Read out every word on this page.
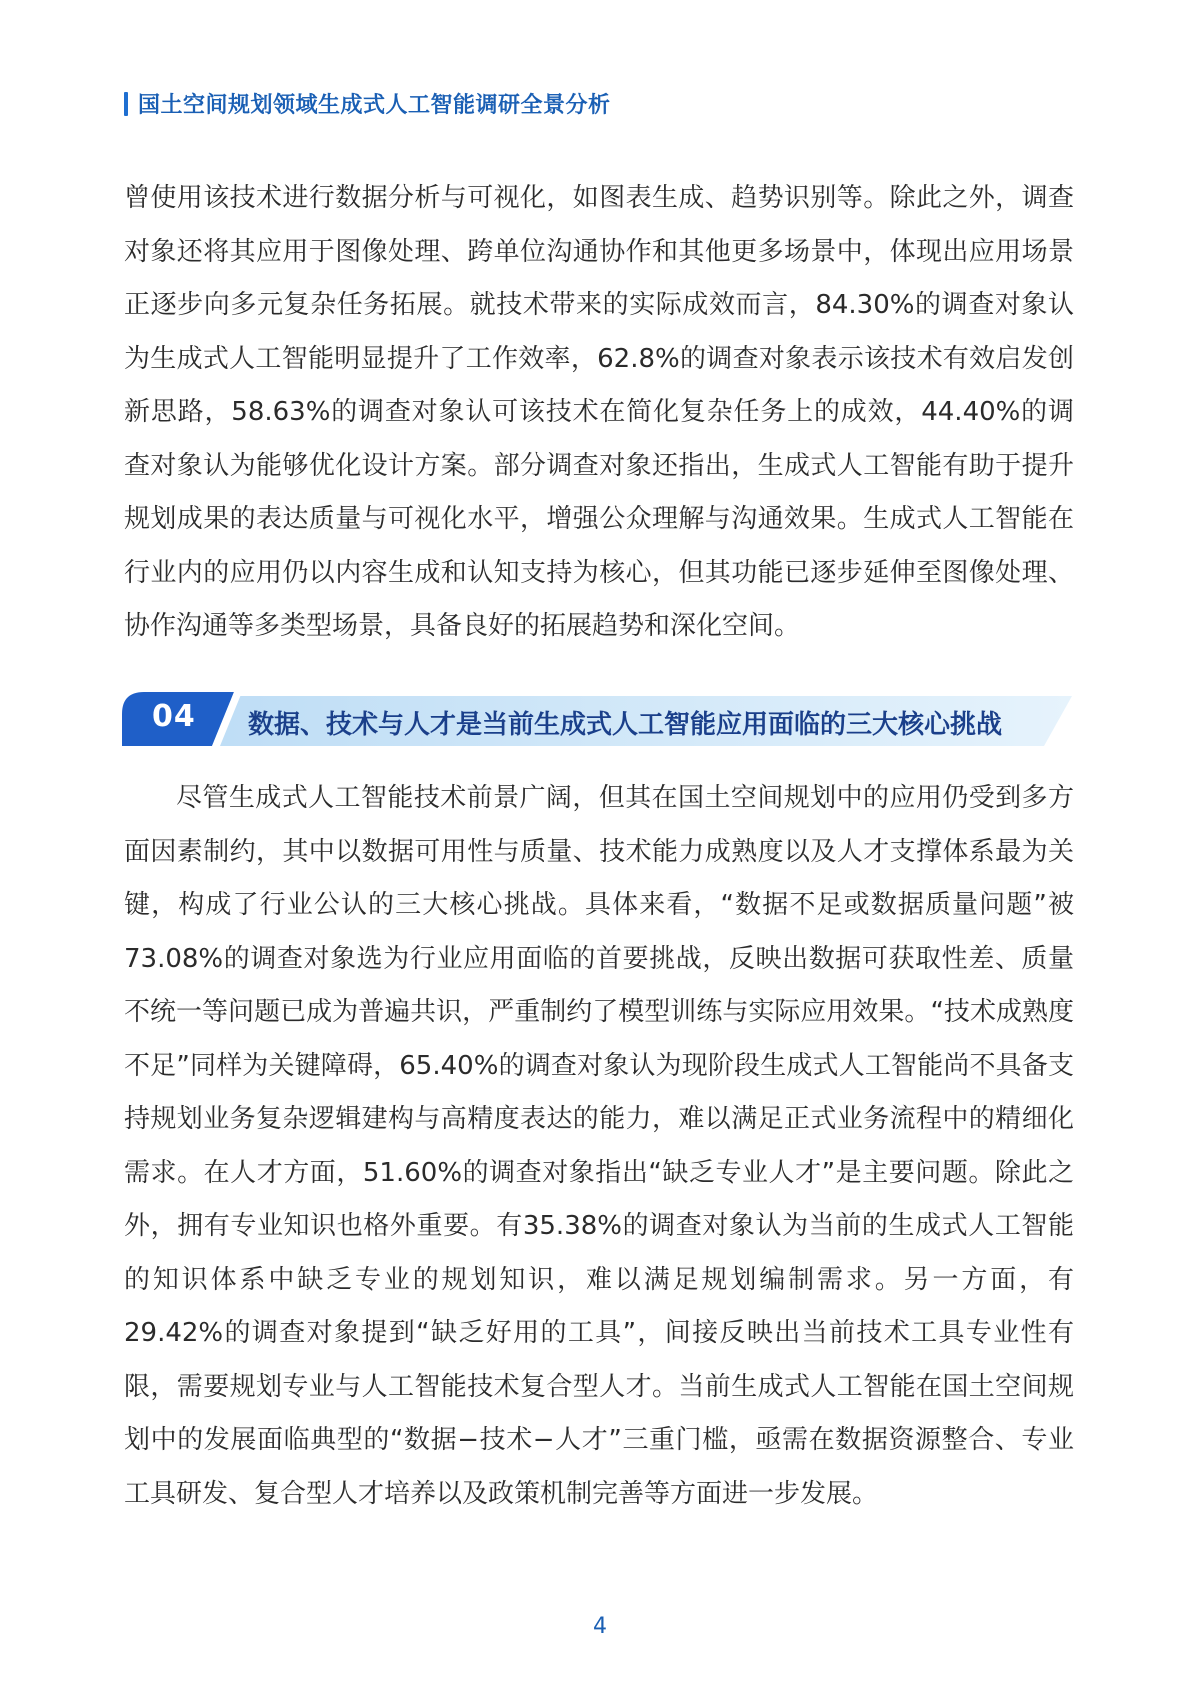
国土空间规划领域生成式人工智能调研全景分析

曾使用该技术进行数据分析与可视化，如图表生成、趋势识别等。除此之外，调查对象还将其应用于图像处理、跨单位沟通协作和其他更多场景中，体现出应用场景正逐步向多元复杂任务拓展。就技术带来的实际成效而言，84.30%的调查对象认为生成式人工智能明显提升了工作效率，62.8%的调查对象表示该技术有效启发创新思路，58.63%的调查对象认可该技术在简化复杂任务上的成效，44.40%的调查对象认为能够优化设计方案。部分调查对象还指出，生成式人工智能有助于提升规划成果的表达质量与可视化水平，增强公众理解与沟通效果。生成式人工智能在行业内的应用仍以内容生成和认知支持为核心，但其功能已逐步延伸至图像处理、协作沟通等多类型场景，具备良好的拓展趋势和深化空间。

04 数据、技术与人才是当前生成式人工智能应用面临的三大核心挑战

尽管生成式人工智能技术前景广阔，但其在国土空间规划中的应用仍受到多方面因素制约，其中以数据可用性与质量、技术能力成熟度以及人才支撑体系最为关键，构成了行业公认的三大核心挑战。具体来看，“数据不足或数据质量问题”被73.08%的调查对象选为行业应用面临的首要挑战，反映出数据可获取性差、质量不统一等问题已成为普遍共识，严重制约了模型训练与实际应用效果。“技术成熟度不足”同样为关键障碍，65.40%的调查对象认为现阶段生成式人工智能尚不具备支持规划业务复杂逻辑建构与高精度表达的能力，难以满足正式业务流程中的精细化需求。在人才方面，51.60%的调查对象指出“缺乏专业人才”是主要问题。除此之外，拥有专业知识也格外重要。有35.38%的调查对象认为当前的生成式人工智能的知识体系中缺乏专业的规划知识，难以满足规划编制需求。另一方面，有29.42%的调查对象提到“缺乏好用的工具”，间接反映出当前技术工具专业性有限，需要规划专业与人工智能技术复合型人才。当前生成式人工智能在国土空间规划中的发展面临典型的“数据−技术−人才”三重门槛，亟需在数据资源整合、专业工具研发、复合型人才培养以及政策机制完善等方面进一步发展。

4
